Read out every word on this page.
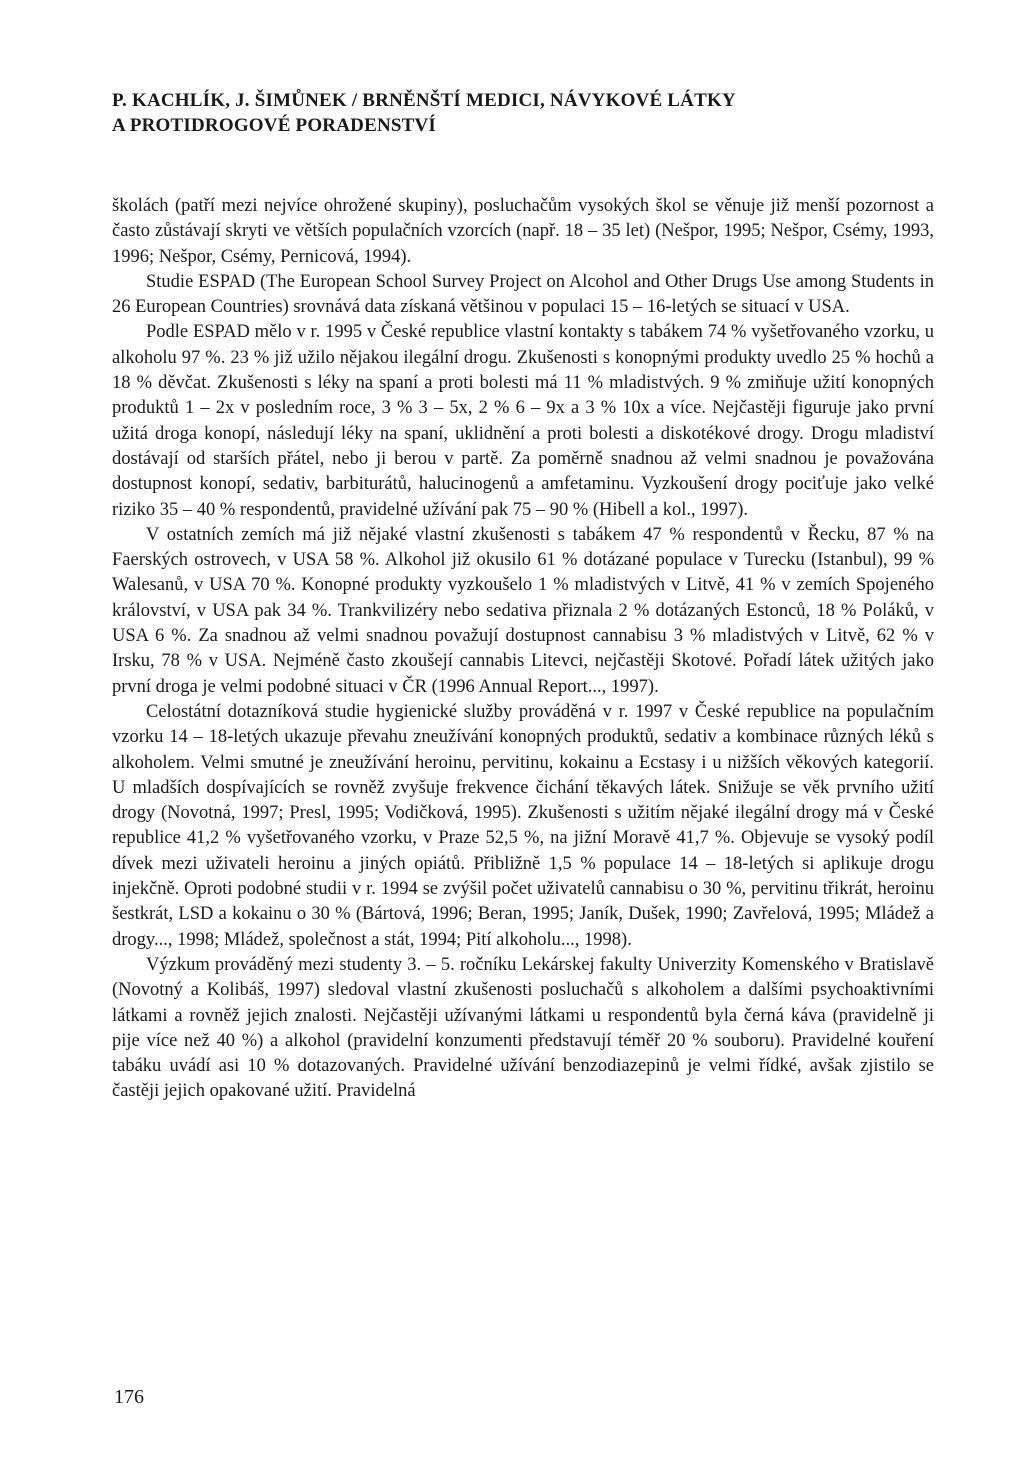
P. KACHLÍK, J. ŠIMŮNEK / BRNĚNŠTÍ MEDICI, NÁVYKOVÉ LÁTKY
A PROTIDROGOVÉ PORADENSTVÍ

školách (patří mezi nejvíce ohrožené skupiny), posluchačům vysokých škol se věnuje již menší pozornost a často zůstávají skryti ve větších populačních vzorcích (např. 18 – 35 let) (Nešpor, 1995; Nešpor, Csémy, 1993, 1996; Nešpor, Csémy, Pernicová, 1994).

Studie ESPAD (The European School Survey Project on Alcohol and Other Drugs Use among Students in 26 European Countries) srovnává data získaná většinou v populaci 15 – 16-letých se situací v USA.

Podle ESPAD mělo v r. 1995 v České republice vlastní kontakty s tabákem 74 % vyšetřovaného vzorku, u alkoholu 97 %. 23 % již užilo nějakou ilegální drogu. Zkušenosti s konopnými produkty uvedlo 25 % hochů a 18 % děvčat. Zkušenosti s léky na spaní a proti bolesti má 11 % mladistvých. 9 % zmiňuje užití konopných produktů 1 – 2x v posledním roce, 3 % 3 – 5x, 2 % 6 – 9x a 3 % 10x a více. Nejčastěji figuruje jako první užitá droga konopí, následují léky na spaní, uklidnění a proti bolesti a diskotékové drogy. Drogu mladiství dostávají od starších přátel, nebo ji berou v partě. Za poměrně snadnou až velmi snadnou je považována dostupnost konopí, sedativ, barbiturátů, halucinogenů a amfetaminu. Vyzkoušení drogy pociťuje jako velké riziko 35 – 40 % respondentů, pravidelné užívání pak 75 – 90 % (Hibell a kol., 1997).

V ostatních zemích má již nějaké vlastní zkušenosti s tabákem 47 % respondentů v Řecku, 87 % na Faerských ostrovech, v USA 58 %. Alkohol již okusilo 61 % dotázané populace v Turecku (Istanbul), 99 % Walesanů, v USA 70 %. Konopné produkty vyzkoušelo 1 % mladistvých v Litvě, 41 % v zemích Spojeného království, v USA pak 34 %. Trankvilizéry nebo sedativa přiznala 2 % dotázaných Estonců, 18 % Poláků, v USA 6 %. Za snadnou až velmi snadnou považují dostupnost cannabisu 3 % mladistvých v Litvě, 62 % v Irsku, 78 % v USA. Nejméně často zkoušejí cannabis Litevci, nejčastěji Skotové. Pořadí látek užitých jako první droga je velmi podobné situaci v ČR (1996 Annual Report..., 1997).

Celostátní dotazníková studie hygienické služby prováděná v r. 1997 v České republice na populačním vzorku 14 – 18-letých ukazuje převahu zneužívání konopných produktů, sedativ a kombinace různých léků s alkoholem. Velmi smutné je zneužívání heroinu, pervitinu, kokainu a Ecstasy i u nižších věkových kategorií. U mladších dospívajících se rovněž zvyšuje frekvence čichání těkavých látek. Snižuje se věk prvního užití drogy (Novotná, 1997; Presl, 1995; Vodičková, 1995). Zkušenosti s užitím nějaké ilegální drogy má v České republice 41,2 % vyšetřovaného vzorku, v Praze 52,5 %, na jižní Moravě 41,7 %. Objevuje se vysoký podíl dívek mezi uživateli heroinu a jiných opiátů. Přibližně 1,5 % populace 14 – 18-letých si aplikuje drogu injekčně. Oproti podobné studii v r. 1994 se zvýšil počet uživatelů cannabisu o 30 %, pervitinu třikrát, heroinu šestkrát, LSD a kokainu o 30 % (Bártová, 1996; Beran, 1995; Janík, Dušek, 1990; Zavřelová, 1995; Mládež a drogy..., 1998; Mládež, společnost a stát, 1994; Pití alkoholu..., 1998).

Výzkum prováděný mezi studenty 3. – 5. ročníku Lekárskej fakulty Univerzity Komenského v Bratislavě (Novotný a Kolibáš, 1997) sledoval vlastní zkušenosti posluchačů s alkoholem a dalšími psychoaktivními látkami a rovněž jejich znalosti. Nejčastěji užívanými látkami u respondentů byla černá káva (pravidelně ji pije více než 40 %) a alkohol (pravidelní konzumenti představují téměř 20 % souboru). Pravidelné kouření tabáku uvádí asi 10 % dotazovaných. Pravidelné užívání benzodiazepinů je velmi řídké, avšak zjistilo se častěji jejich opakované užití. Pravidelná

176
